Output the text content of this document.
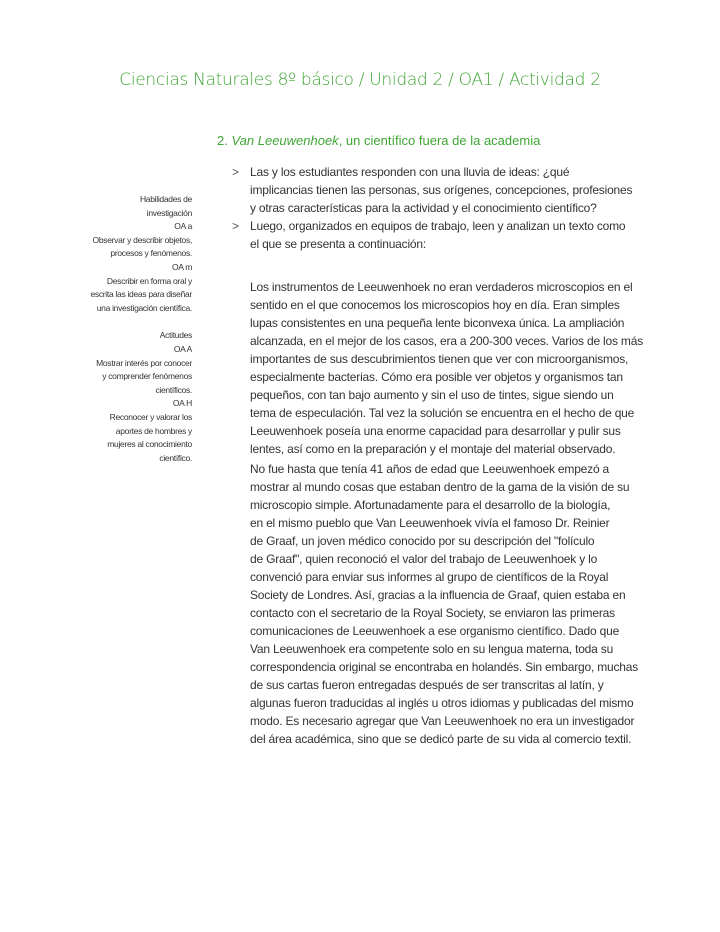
Ciencias Naturales 8º básico / Unidad 2 / OA1 / Actividad 2
2. Van Leeuwenhoek, un científico fuera de la academia
Habilidades de
investigación
OA a
Observar y describir objetos,
procesos y fenómenos.
OA m
Describir en forma oral y
escrita las ideas para diseñar
una investigación científica.
Actitudes
OA A
Mostrar interés por conocer
y comprender fenómenos
científicos.
OA H
Reconocer y valorar los
aportes de hombres y
mujeres al conocimiento
científico.
> Las y los estudiantes responden con una lluvia de ideas: ¿qué
implicancias tienen las personas, sus orígenes, concepciones, profesiones
y otras características para la actividad y el conocimiento científico?
> Luego, organizados en equipos de trabajo, leen y analizan un texto como
el que se presenta a continuación:
Los instrumentos de Leeuwenhoek no eran verdaderos microscopios en el
sentido en el que conocemos los microscopios hoy en día. Eran simples
lupas consistentes en una pequeña lente biconvexa única. La ampliación
alcanzada, en el mejor de los casos, era a 200-300 veces. Varios de los más
importantes de sus descubrimientos tienen que ver con microorganismos,
especialmente bacterias. Cómo era posible ver objetos y organismos tan
pequeños, con tan bajo aumento y sin el uso de tintes, sigue siendo un
tema de especulación. Tal vez la solución se encuentra en el hecho de que
Leeuwenhoek poseía una enorme capacidad para desarrollar y pulir sus
lentes, así como en la preparación y el montaje del material observado.
No fue hasta que tenía 41 años de edad que Leeuwenhoek empezó a
mostrar al mundo cosas que estaban dentro de la gama de la visión de su
microscopio simple. Afortunadamente para el desarrollo de la biología,
en el mismo pueblo que Van Leeuwenhoek vivía el famoso Dr. Reinier
de Graaf, un joven médico conocido por su descripción del "folículo
de Graaf", quien reconoció el valor del trabajo de Leeuwenhoek y lo
convenció para enviar sus informes al grupo de científicos de la Royal
Society de Londres. Así, gracias a la influencia de Graaf, quien estaba en
contacto con el secretario de la Royal Society, se enviaron las primeras
comunicaciones de Leeuwenhoek a ese organismo científico. Dado que
Van Leeuwenhoek era competente solo en su lengua materna, toda su
correspondencia original se encontraba en holandés. Sin embargo, muchas
de sus cartas fueron entregadas después de ser transcritas al latín, y
algunas fueron traducidas al inglés u otros idiomas y publicadas del mismo
modo. Es necesario agregar que Van Leeuwenhoek no era un investigador
del área académica, sino que se dedicó parte de su vida al comercio textil.
